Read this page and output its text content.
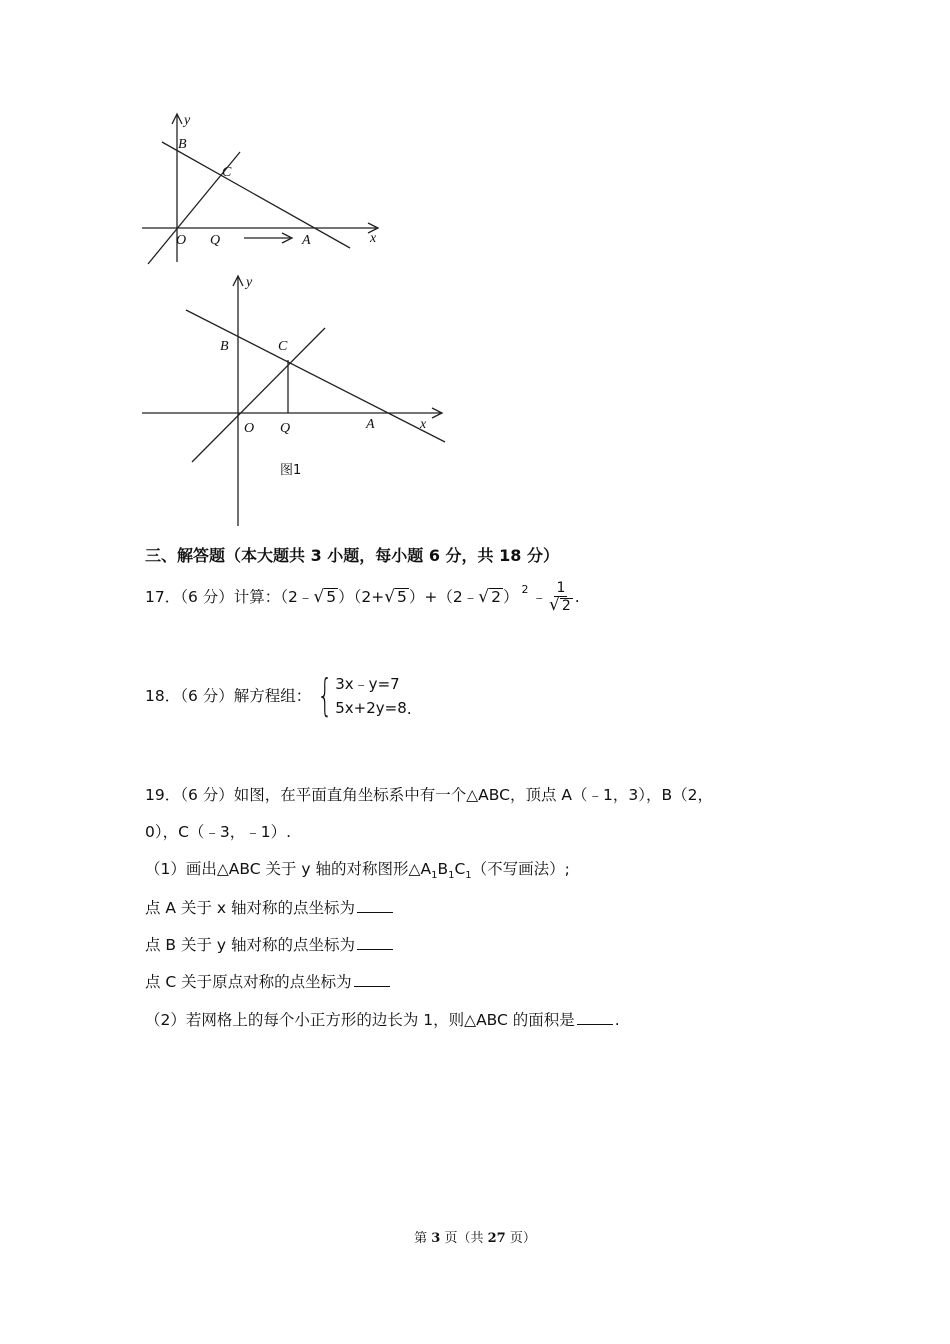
y
B
C
O Q	A	x
y
B	C
O Q	A	x
图1
三、解答题（本大题共 3 小题，每小题 6 分，共 18 分）
17．（6 分）计算：（2﹣ √ 5 ）（2+ √ 5 ）+（2﹣ √ 2 ） 2 ﹣ $\frac{1}{√ 2}$ .
18．（6 分）解方程组： { 3x﹣y=7
5x+2y=8 .
19．（6 分）如图，在平面直角坐标系中有一个△ABC，顶点 A（﹣1，3），B（2，
0），C（﹣3，﹣1）.
（1）画出△ABC 关于 y 轴的对称图形$\triangle A_1B_1C_1$（不写画法）;
点 A 关于 x 轴对称的点坐标为
点 B 关于 y 轴对称的点坐标为
点 C 关于原点对称的点坐标为
（2）若网格上的每个小正方形的边长为 1，则△ABC 的面积是	.
第 3 页（共 27 页）
